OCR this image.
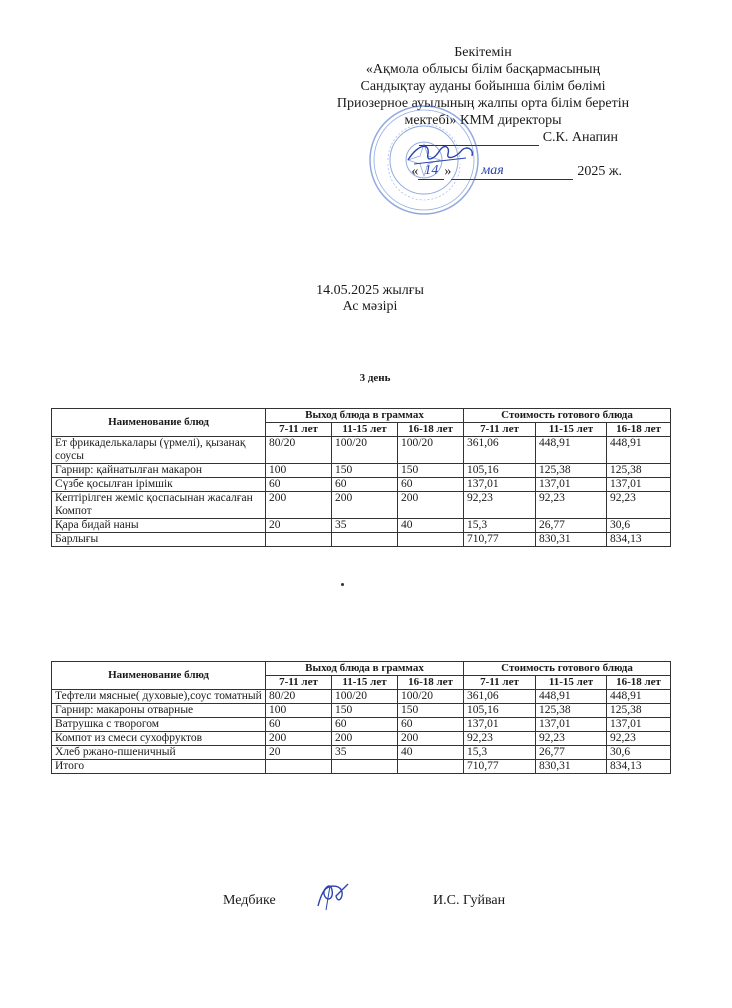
Бекітемін
«Ақмола облысы білім басқармасының
Сандықтау ауданы бойынша білім бөлімі
Приозерное ауылының жалпы орта білім беретін
мектебі» КММ директоры
С.К. Анапин
« 14 »	мая	2025 ж.
14.05.2025 жылғы
Ас мәзірі
3 день
Наименование блюд	Выход блюда в граммах			Стоимость готового блюда		
	7-11 лет	11-15 лет	16-18 лет	7-11 лет	11-15 лет	16-18 лет
Ет фрикаделькалары (үрмелі), қызанақ соусы	80/20	100/20	100/20	361,06	448,91	448,91
Гарнир: қайнатылған макарон	100	150	150	105,16	125,38	125,38
Сүзбе қосылған ірімшік	60	60	60	137,01	137,01	137,01
Кептірілген жеміс қоспасынан жасалған Компот	200	200	200	92,23	92,23	92,23
Қара бидай наны	20	35	40	15,3	26,77	30,6
Барлығы				710,77	830,31	834,13
Наименование блюд	Выход блюда в граммах			Стоимость готового блюда		
	7-11 лет	11-15 лет	16-18 лет	7-11 лет	11-15 лет	16-18 лет
Тефтели мясные( духовые),соус томатный	80/20	100/20	100/20	361,06	448,91	448,91
Гарнир: макароны отварные	100	150	150	105,16	125,38	125,38
Ватрушка с творогом	60	60	60	137,01	137,01	137,01
Компот из смеси сухофруктов	200	200	200	92,23	92,23	92,23
Хлеб ржано-пшеничный	20	35	40	15,3	26,77	30,6
Итого				710,77	830,31	834,13
Медбике	И.С. Гуйван
